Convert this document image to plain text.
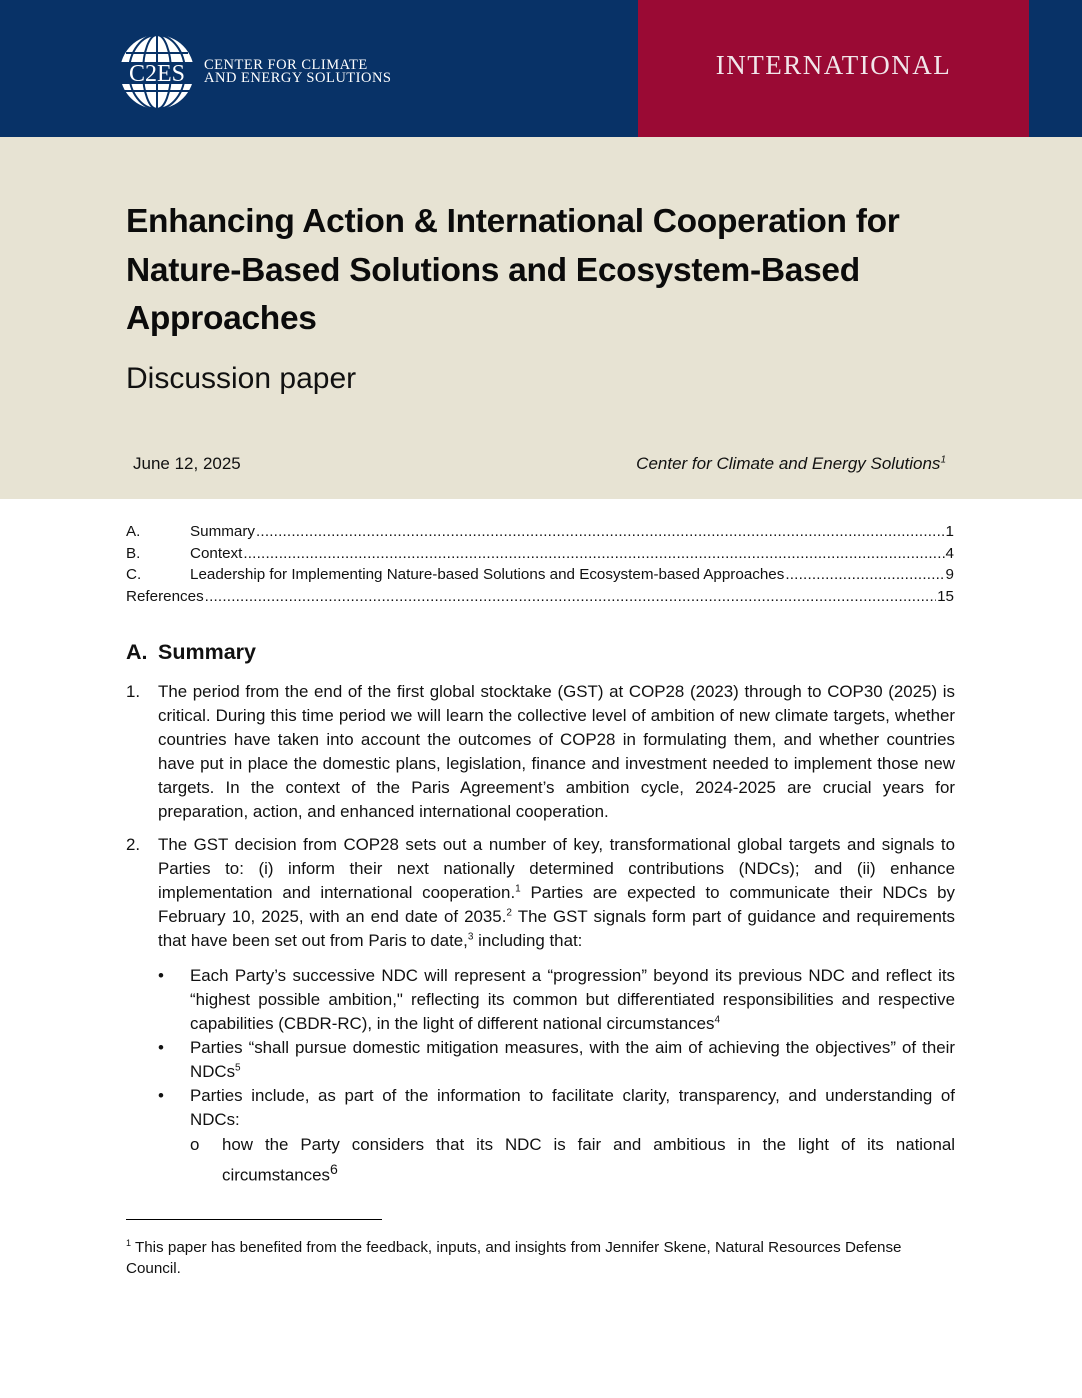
C2ES CENTER FOR CLIMATE
AND ENERGY SOLUTIONS	INTERNATIONAL
Enhancing Action & International Cooperation for Nature-Based Solutions and Ecosystem-Based Approaches
Discussion paper
June 12, 2025	Center for Climate and Energy Solutions$^1$
A.	Summary .....	1
B.	Context .....	4
C.	Leadership for Implementing Nature-based Solutions and Ecosystem-based Approaches .....	9
References .....	15
A. Summary
1. The period from the end of the first global stocktake (GST) at COP28 (2023) through to COP30 (2025) is critical. During this time period we will learn the collective level of ambition of new climate targets, whether countries have taken into account the outcomes of COP28 in formulating them, and whether countries have put in place the domestic plans, legislation, finance and investment needed to implement those new targets. In the context of the Paris Agreement’s ambition cycle, 2024-2025 are crucial years for preparation, action, and enhanced international cooperation.
2. The GST decision from COP28 sets out a number of key, transformational global targets and signals to Parties to: (i) inform their next nationally determined contributions (NDCs); and (ii) enhance implementation and international cooperation.$^1$ Parties are expected to communicate their NDCs by February 10, 2025, with an end date of 2035.$^2$ The GST signals form part of guidance and requirements that have been set out from Paris to date,$^3$ including that:
• Each Party’s successive NDC will represent a “progression” beyond its previous NDC and reflect its “highest possible ambition," reflecting its common but differentiated responsibilities and respective capabilities (CBDR-RC), in the light of different national circumstances$^4$
• Parties “shall pursue domestic mitigation measures, with the aim of achieving the objectives” of their NDCs$^5$
• Parties include, as part of the information to facilitate clarity, transparency, and understanding of NDCs:
o how the Party considers that its NDC is fair and ambitious in the light of its national circumstances$^6$
$^1$ This paper has benefited from the feedback, inputs, and insights from Jennifer Skene, Natural Resources Defense Council.
